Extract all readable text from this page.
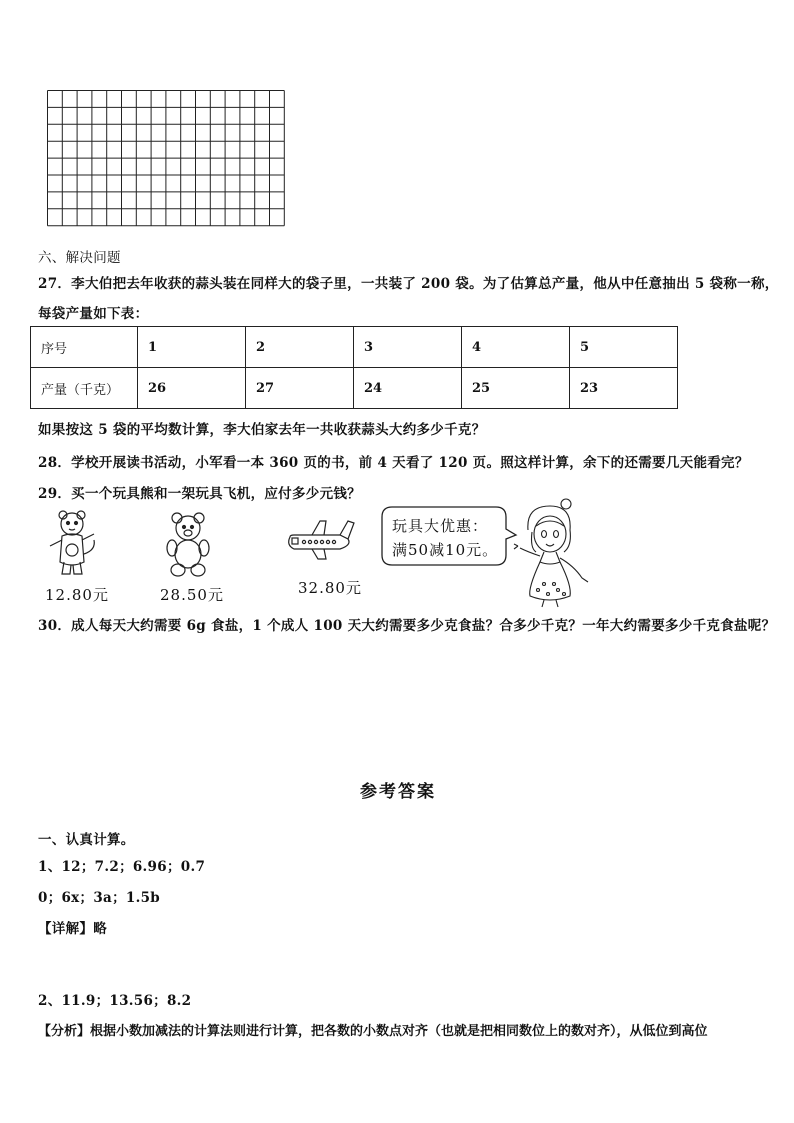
六、解决问题
27．李大伯把去年收获的蒜头装在同样大的袋子里，一共装了 200 袋。为了估算总产量，他从中任意抽出 5 袋称一称，
每袋产量如下表：
序号	1	2	3	4	5
产量（千克）	26	27	24	25	23
如果按这 5 袋的平均数计算，李大伯家去年一共收获蒜头大约多少千克？
28．学校开展读书活动，小军看一本 360 页的书，前 4 天看了 120 页。照这样计算，余下的还需要几天能看完？
29．买一个玩具熊和一架玩具飞机，应付多少元钱？
12.80元	28.50元	32.80元
玩具大优惠：
满50减10元。
30．成人每天大约需要 6g 食盐，1 个成人 100 天大约需要多少克食盐？合多少千克？一年大约需要多少千克食盐呢？
参考答案
一、认真计算。
1、12；7.2；6.96；0.7
0；6x；3a；1.5b
【详解】略
2、11.9；13.56；8.2
【分析】根据小数加减法的计算法则进行计算，把各数的小数点对齐（也就是把相同数位上的数对齐），从低位到高位
